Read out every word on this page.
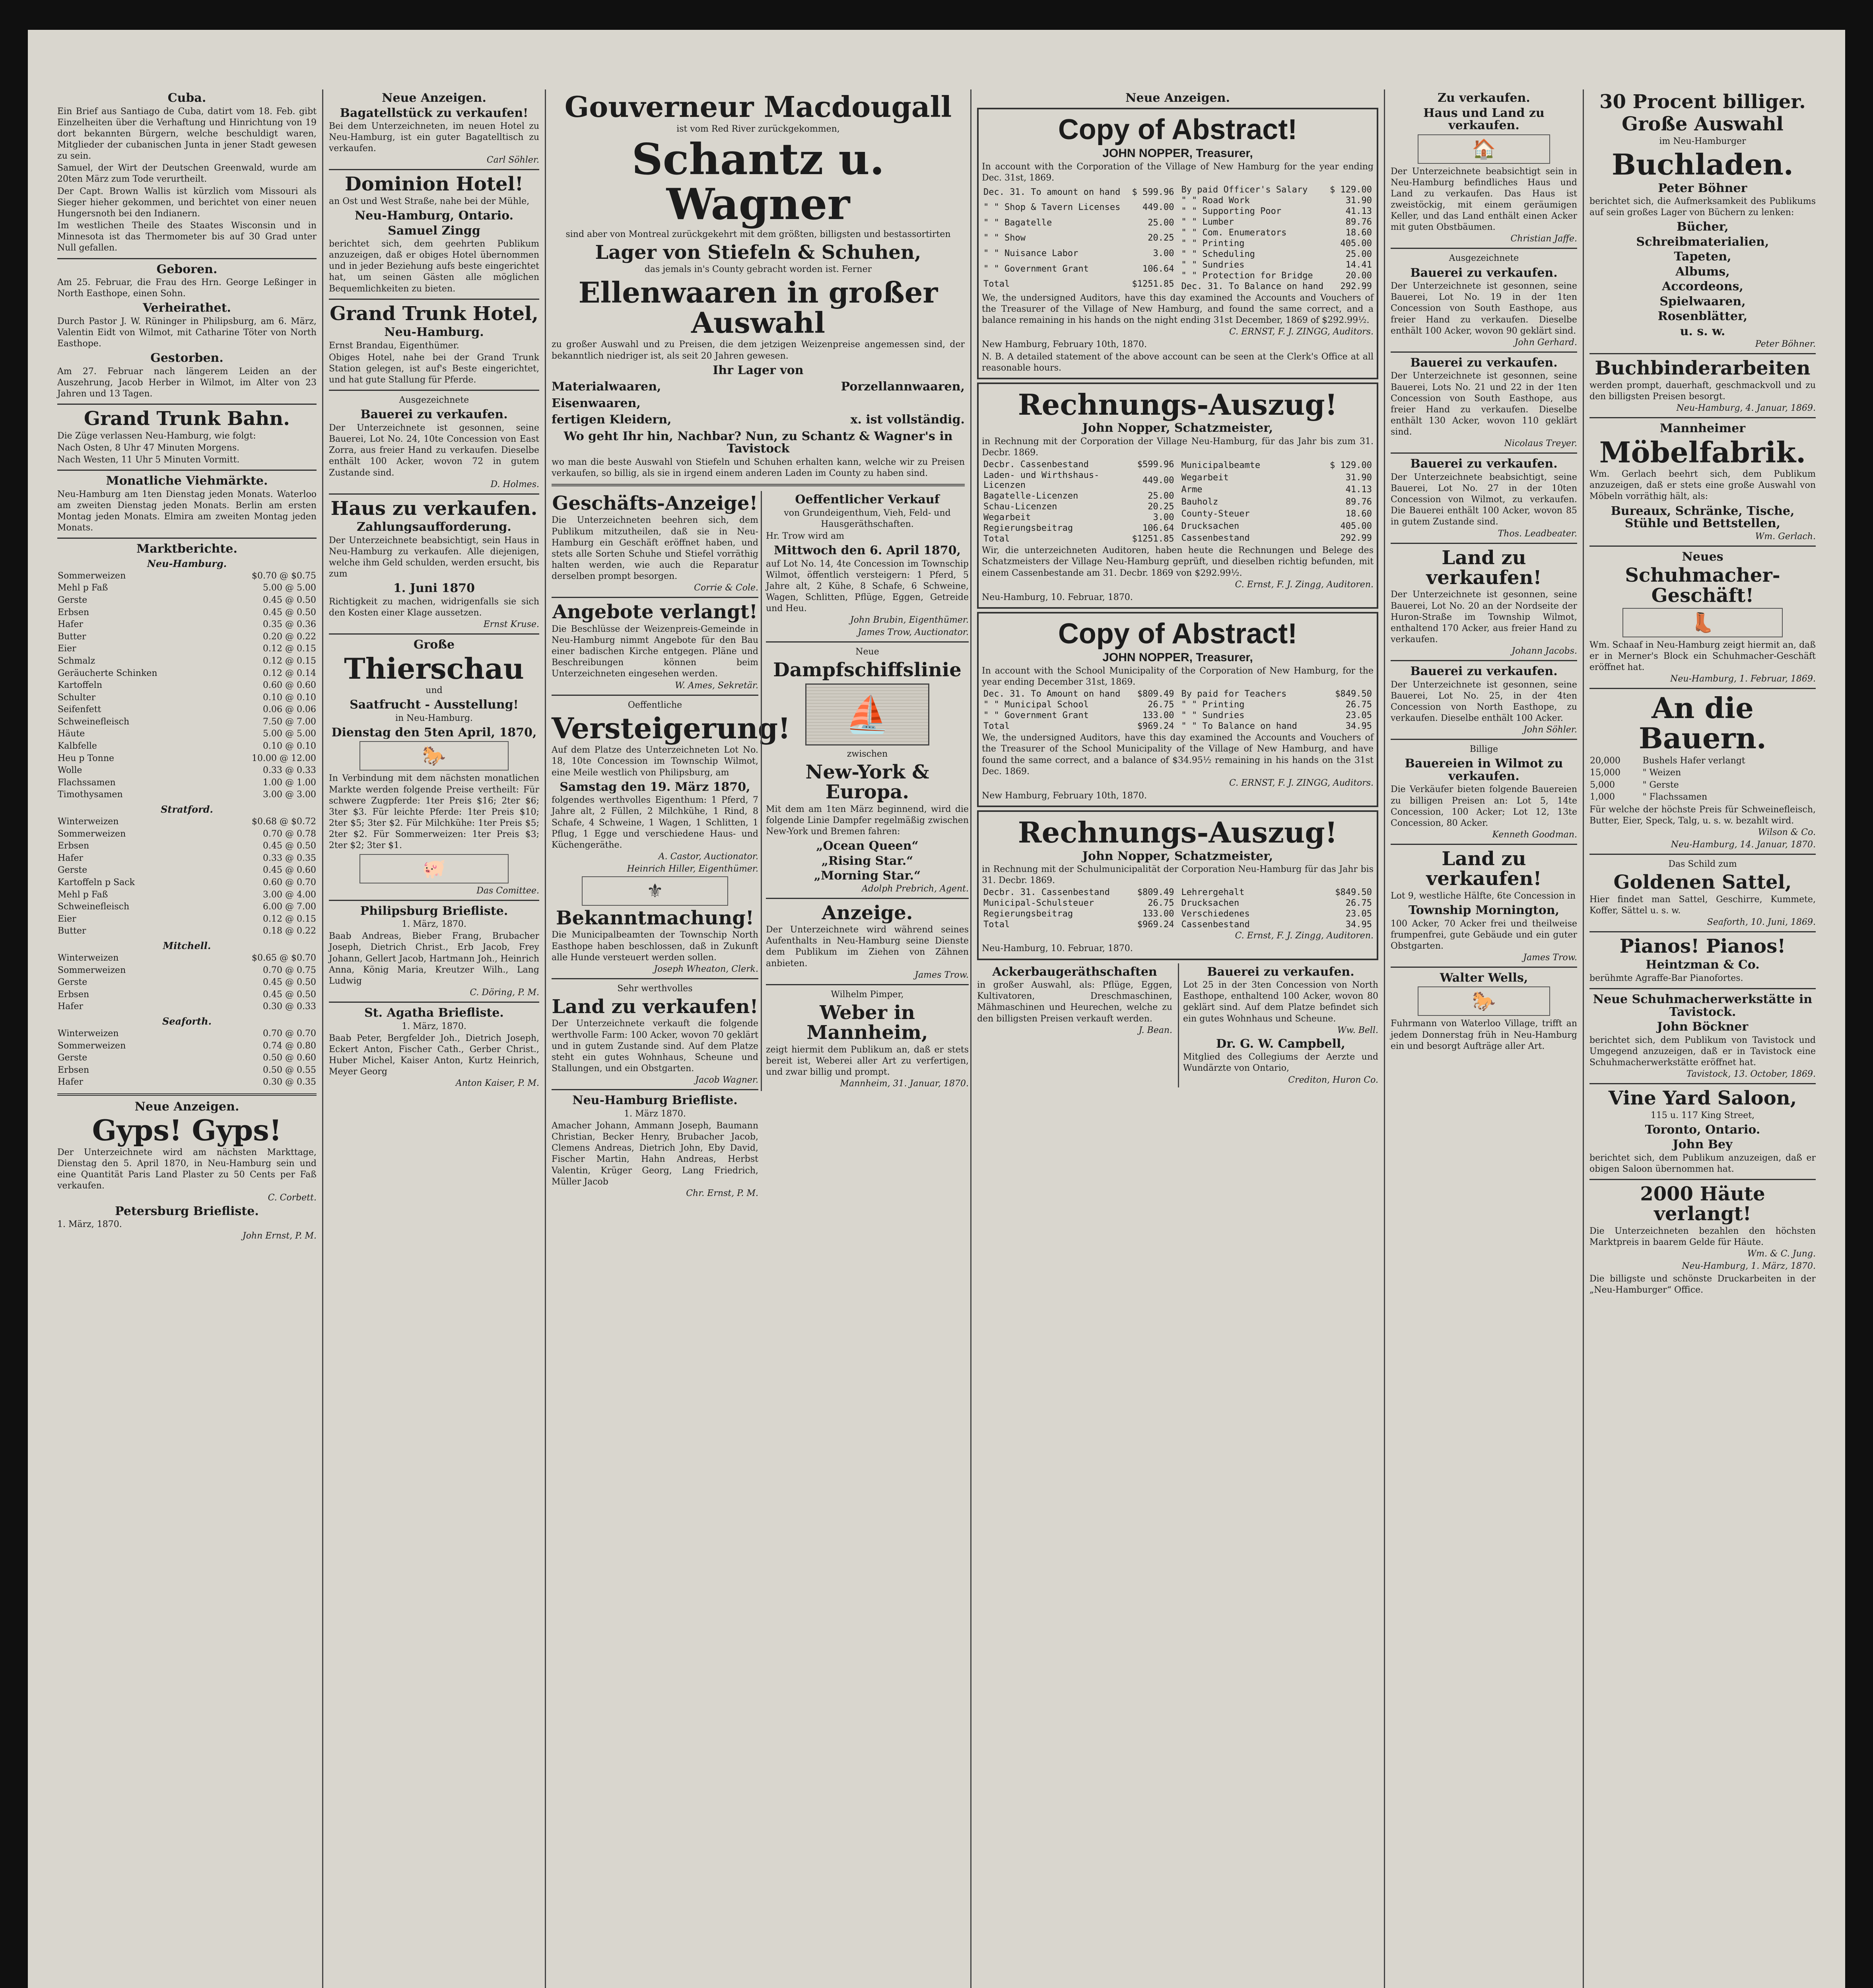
Cuba.
Ein Brief aus Santiago de Cuba, datirt vom 18. Feb. gibt Einzelheiten über die Verhaftung und Hinrichtung von 19 dort bekannten Bürgern, welche beschuldigt waren, Mitglieder der cubanischen Junta in jener Stadt gewesen zu sein.
Samuel, der Wirt der Deutschen Greenwald, wurde am 20ten März zum Tode verurtheilt.
Der Capt. Brown Wallis ist kürzlich vom Missouri als Sieger hieher gekommen, und berichtet von einer neuen Hungersnoth bei den Indianern.
Im westlichen Theile des Staates Wisconsin und in Minnesota ist das Thermometer bis auf 30 Grad unter Null gefallen.
Geboren.
Am 25. Februar, die Frau des Hrn. George Leßinger in North Easthope, einen Sohn.
Verheirathet.
Durch Pastor J. W. Rüninger in Philipsburg, am 6. März, Valentin Eidt von Wilmot, mit Catharine Töter von North Easthope.
Gestorben.
Am 27. Februar nach längerem Leiden an der Auszehrung, Jacob Herber in Wilmot, im Alter von 23 Jahren und 13 Tagen.
Grand Trunk Bahn.
Die Züge verlassen Neu-Hamburg, wie folgt:
Nach Osten, 8 Uhr 47 Minuten Morgens.
Nach Westen, 11 Uhr 5 Minuten Vormitt.
Monatliche Viehmärkte.
Neu-Hamburg am 1ten Dienstag jeden Monats. Waterloo am zweiten Dienstag jeden Monats. Berlin am ersten Montag jeden Monats. Elmira am zweiten Montag jeden Monats.
Marktberichte.
Neu-Hamburg.
Sommerweizen	$0.70 @ $0.75
Mehl p Faß	5.00 @ 5.00
Gerste	0.45 @ 0.50
Erbsen	0.45 @ 0.50
Hafer	0.35 @ 0.36
Butter	0.20 @ 0.22
Eier	0.12 @ 0.15
Schmalz	0.12 @ 0.15
Geräucherte Schinken	0.12 @ 0.14
Kartoffeln	0.60 @ 0.60
Schulter	0.10 @ 0.10
Seifenfett	0.06 @ 0.06
Schweinefleisch	7.50 @ 7.00
Häute	5.00 @ 5.00
Kalbfelle	0.10 @ 0.10
Heu p Tonne	10.00 @ 12.00
Wolle	0.33 @ 0.33
Flachssamen	1.00 @ 1.00
Timothysamen	3.00 @ 3.00
Stratford.
Winterweizen	$0.68 @ $0.72
Sommerweizen	0.70 @ 0.78
Erbsen	0.45 @ 0.50
Hafer	0.33 @ 0.35
Gerste	0.45 @ 0.60
Kartoffeln p Sack	0.60 @ 0.70
Mehl p Faß	3.00 @ 4.00
Schweinefleisch	6.00 @ 7.00
Eier	0.12 @ 0.15
Butter	0.18 @ 0.22
Mitchell.
Winterweizen	$0.65 @ $0.70
Sommerweizen	0.70 @ 0.75
Gerste	0.45 @ 0.50
Erbsen	0.45 @ 0.50
Hafer	0.30 @ 0.33
Seaforth.
Winterweizen	0.70 @ 0.70
Sommerweizen	0.74 @ 0.80
Gerste	0.50 @ 0.60
Erbsen	0.50 @ 0.55
Hafer	0.30 @ 0.35
Neue Anzeigen.
Gyps! Gyps!
Der Unterzeichnete wird am nächsten Markttage, Dienstag den 5. April 1870, in Neu-Hamburg sein und eine Quantität Paris Land Plaster zu 50 Cents per Faß verkaufen.
C. Corbett.
Petersburg Briefliste.
1. März, 1870.
John Ernst, P. M.
Neue Anzeigen.
Bagatellstück zu verkaufen!
Bei dem Unterzeichneten, im neuen Hotel zu Neu-Hamburg, ist ein guter Bagatelltisch zu verkaufen.
Carl Söhler.
Dominion Hotel!
an Ost und West Straße, nahe bei der Mühle,
Neu-Hamburg, Ontario.
Samuel Zingg
berichtet sich, dem geehrten Publikum anzuzeigen, daß er obiges Hotel übernommen und in jeder Beziehung aufs beste eingerichtet hat, um seinen Gästen alle möglichen Bequemlichkeiten zu bieten.
Grand Trunk Hotel,
Neu-Hamburg.
Ernst Brandau, Eigenthümer.
Obiges Hotel, nahe bei der Grand Trunk Station gelegen, ist auf's Beste eingerichtet, und hat gute Stallung für Pferde.
Ausgezeichnete
Bauerei zu verkaufen.
Der Unterzeichnete ist gesonnen, seine Bauerei, Lot No. 24, 10te Concession von East Zorra, aus freier Hand zu verkaufen. Dieselbe enthält 100 Acker, wovon 72 in gutem Zustande sind.
D. Holmes.
Haus zu verkaufen.
Zahlungsaufforderung.
Der Unterzeichnete beabsichtigt, sein Haus in Neu-Hamburg zu verkaufen. Alle diejenigen, welche ihm Geld schulden, werden ersucht, bis zum
1. Juni 1870
Richtigkeit zu machen, widrigenfalls sie sich den Kosten einer Klage aussetzen.
Ernst Kruse.
Große
Thierschau
und
Saatfrucht - Ausstellung!
in Neu-Hamburg.
Dienstag den 5ten April, 1870,
🐎
In Verbindung mit dem nächsten monatlichen Markte werden folgende Preise vertheilt: Für schwere Zugpferde: 1ter Preis $16; 2ter $6; 3ter $3. Für leichte Pferde: 1ter Preis $10; 2ter $5; 3ter $2. Für Milchkühe: 1ter Preis $5; 2ter $2. Für Sommerweizen: 1ter Preis $3; 2ter $2; 3ter $1.
🐖
Das Comittee.
Philipsburg Briefliste.
1. März, 1870.
Baab Andreas, Bieber Frang, Brubacher Joseph, Dietrich Christ., Erb Jacob, Frey Johann, Gellert Jacob, Hartmann Joh., Heinrich Anna, König Maria, Kreutzer Wilh., Lang Ludwig
C. Döring, P. M.
St. Agatha Briefliste.
1. März, 1870.
Baab Peter, Bergfelder Joh., Dietrich Joseph, Eckert Anton, Fischer Cath., Gerber Christ., Huber Michel, Kaiser Anton, Kurtz Heinrich, Meyer Georg
Anton Kaiser, P. M.
Gouverneur Macdougall
ist vom Red River zurückgekommen,
Schantz u. Wagner
sind aber von Montreal zurückgekehrt mit dem größten, billigsten und bestassortirten
Lager von Stiefeln & Schuhen,
das jemals in's County gebracht worden ist. Ferner
Ellenwaaren in großer Auswahl
zu großer Auswahl und zu Preisen, die dem jetzigen Weizenpreise angemessen sind, der bekanntlich niedriger ist, als seit 20 Jahren gewesen.
Ihr Lager von
Materialwaaren,	Porzellannwaaren,
Eisenwaaren,
fertigen Kleidern,	x. ist vollständig.
Wo geht Ihr hin, Nachbar? Nun, zu Schantz & Wagner's in Tavistock
wo man die beste Auswahl von Stiefeln und Schuhen erhalten kann, welche wir zu Preisen verkaufen, so billig, als sie in irgend einem anderen Laden im County zu haben sind.
Geschäfts-Anzeige!
Die Unterzeichneten beehren sich, dem Publikum mitzutheilen, daß sie in Neu-Hamburg ein Geschäft eröffnet haben, und stets alle Sorten Schuhe und Stiefel vorräthig halten werden, wie auch die Reparatur derselben prompt besorgen.
Corrie & Cole.
Angebote verlangt!
Die Beschlüsse der Weizenpreis-Gemeinde in Neu-Hamburg nimmt Angebote für den Bau einer badischen Kirche entgegen. Pläne und Beschreibungen können beim Unterzeichneten eingesehen werden.
W. Ames, Sekretär.
Oeffentliche
Versteigerung!
Auf dem Platze des Unterzeichneten Lot No. 18, 10te Concession im Townschip Wilmot, eine Meile westlich von Philipsburg, am
Samstag den 19. März 1870,
folgendes werthvolles Eigenthum: 1 Pferd, 7 Jahre alt, 2 Füllen, 2 Milchkühe, 1 Rind, 8 Schafe, 4 Schweine, 1 Wagen, 1 Schlitten, 1 Pflug, 1 Egge und verschiedene Haus- und Küchengeräthe.
A. Castor, Auctionator.
Heinrich Hiller, Eigenthümer.
⚜
Bekanntmachung!
Die Municipalbeamten der Townschip North Easthope haben beschlossen, daß in Zukunft alle Hunde versteuert werden sollen.
Joseph Wheaton, Clerk.
Sehr werthvolles
Land zu verkaufen!
Der Unterzeichnete verkauft die folgende werthvolle Farm: 100 Acker, wovon 70 geklärt und in gutem Zustande sind. Auf dem Platze steht ein gutes Wohnhaus, Scheune und Stallungen, und ein Obstgarten.
Jacob Wagner.
Neu-Hamburg Briefliste.
1. März 1870.
Amacher Johann, Ammann Joseph, Baumann Christian, Becker Henry, Brubacher Jacob, Clemens Andreas, Dietrich John, Eby David, Fischer Martin, Hahn Andreas, Herbst Valentin, Krüger Georg, Lang Friedrich, Müller Jacob
Chr. Ernst, P. M.
Oeffentlicher Verkauf
von Grundeigenthum, Vieh, Feld- und Hausgeräthschaften.
Hr. Trow wird am
Mittwoch den 6. April 1870,
auf Lot No. 14, 4te Concession im Townschip Wilmot, öffentlich versteigern: 1 Pferd, 5 Jahre alt, 2 Kühe, 8 Schafe, 6 Schweine, Wagen, Schlitten, Pflüge, Eggen, Getreide und Heu.
John Brubin, Eigenthümer.
James Trow, Auctionator.
Neue
Dampfschiffslinie
⛵
zwischen
New-York & Europa.
Mit dem am 1ten März beginnend, wird die folgende Linie Dampfer regelmäßig zwischen New-York und Bremen fahren:
„Ocean Queen“
„Rising Star.“
„Morning Star.“
Adolph Prebrich, Agent.
Anzeige.
Der Unterzeichnete wird während seines Aufenthalts in Neu-Hamburg seine Dienste dem Publikum im Ziehen von Zähnen anbieten.
James Trow.
Wilhelm Pimper,
Weber in Mannheim,
zeigt hiermit dem Publikum an, daß er stets bereit ist, Weberei aller Art zu verfertigen, und zwar billig und prompt.
Mannheim, 31. Januar, 1870.
Neue Anzeigen.
Copy of Abstract!
JOHN NOPPER, Treasurer,
In account with the Corporation of the Village of New Hamburg for the year ending Dec. 31st, 1869.
Dec. 31. To amount on hand	$ 599.96
" " Shop & Tavern Licenses	449.00
" " Bagatelle	25.00
" " Show	20.25
" " Nuisance Labor	3.00
" " Government Grant	106.64
Total	$1251.85
By paid Officer's Salary	$ 129.00
" " Road Work	31.90
" " Supporting Poor	41.13
" " Lumber	89.76
" " Com. Enumerators	18.60
" " Printing	405.00
" " Scheduling	25.00
" " Sundries	14.41
" " Protection for Bridge	20.00
Dec. 31. To Balance on hand	292.99
We, the undersigned Auditors, have this day examined the Accounts and Vouchers of the Treasurer of the Village of New Hamburg, and found the same correct, and a balance remaining in his hands on the night ending 31st December, 1869 of $292.99½.
C. ERNST, F. J. ZINGG, Auditors.
New Hamburg, February 10th, 1870.
N. B. A detailed statement of the above account can be seen at the Clerk's Office at all reasonable hours.
Rechnungs-Auszug!
John Nopper, Schatzmeister,
in Rechnung mit der Corporation der Village Neu-Hamburg, für das Jahr bis zum 31. Decbr. 1869.
Decbr. Cassenbestand	$599.96
Laden- und Wirthshaus-Licenzen	449.00
Bagatelle-Licenzen	25.00
Schau-Licenzen	20.25
Wegarbeit	3.00
Regierungsbeitrag	106.64
Total	$1251.85
Municipalbeamte	$ 129.00
Wegarbeit	31.90
Arme	41.13
Bauholz	89.76
County-Steuer	18.60
Drucksachen	405.00
Cassenbestand	292.99
Wir, die unterzeichneten Auditoren, haben heute die Rechnungen und Belege des Schatzmeisters der Village Neu-Hamburg geprüft, und dieselben richtig befunden, mit einem Cassenbestande am 31. Decbr. 1869 von $292.99½.
C. Ernst, F. J. Zingg, Auditoren.
Neu-Hamburg, 10. Februar, 1870.
Copy of Abstract!
JOHN NOPPER, Treasurer,
In account with the School Municipality of the Corporation of New Hamburg, for the year ending December 31st, 1869.
Dec. 31. To Amount on hand	$809.49
" " Municipal School	26.75
" " Government Grant	133.00
Total	$969.24
By paid for Teachers	$849.50
" " Printing	26.75
" " Sundries	23.05
" " To Balance on hand	34.95
We, the undersigned Auditors, have this day examined the Accounts and Vouchers of the Treasurer of the School Municipality of the Village of New Hamburg, and have found the same correct, and a balance of $34.95½ remaining in his hands on the 31st Dec. 1869.
C. ERNST, F. J. ZINGG, Auditors.
New Hamburg, February 10th, 1870.
Rechnungs-Auszug!
John Nopper, Schatzmeister,
in Rechnung mit der Schulmunicipalität der Corporation Neu-Hamburg für das Jahr bis 31. Decbr. 1869.
Decbr. 31. Cassenbestand	$809.49
Municipal-Schulsteuer	26.75
Regierungsbeitrag	133.00
Total	$969.24
Lehrergehalt	$849.50
Drucksachen	26.75
Verschiedenes	23.05
Cassenbestand	34.95
C. Ernst, F. J. Zingg, Auditoren.
Neu-Hamburg, 10. Februar, 1870.
Ackerbaugeräthschaften
in großer Auswahl, als: Pflüge, Eggen, Kultivatoren, Dreschmaschinen, Mähmaschinen und Heurechen, welche zu den billigsten Preisen verkauft werden.
J. Bean.
Bauerei zu verkaufen.
Lot 25 in der 3ten Concession von North Easthope, enthaltend 100 Acker, wovon 80 geklärt sind. Auf dem Platze befindet sich ein gutes Wohnhaus und Scheune.
Ww. Bell.
Dr. G. W. Campbell,
Mitglied des Collegiums der Aerzte und Wundärzte von Ontario,
Crediton, Huron Co.
Zu verkaufen.
Haus und Land zu verkaufen.
🏠
Der Unterzeichnete beabsichtigt sein in Neu-Hamburg befindliches Haus und Land zu verkaufen. Das Haus ist zweistöckig, mit einem geräumigen Keller, und das Land enthält einen Acker mit guten Obstbäumen.
Christian Jaffe.
Ausgezeichnete
Bauerei zu verkaufen.
Der Unterzeichnete ist gesonnen, seine Bauerei, Lot No. 19 in der 1ten Concession von South Easthope, aus freier Hand zu verkaufen. Dieselbe enthält 100 Acker, wovon 90 geklärt sind.
John Gerhard.
Bauerei zu verkaufen.
Der Unterzeichnete ist gesonnen, seine Bauerei, Lots No. 21 und 22 in der 1ten Concession von South Easthope, aus freier Hand zu verkaufen. Dieselbe enthält 130 Acker, wovon 110 geklärt sind.
Nicolaus Treyer.
Bauerei zu verkaufen.
Der Unterzeichnete beabsichtigt, seine Bauerei, Lot No. 27 in der 10ten Concession von Wilmot, zu verkaufen. Die Bauerei enthält 100 Acker, wovon 85 in gutem Zustande sind.
Thos. Leadbeater.
Land zu verkaufen!
Der Unterzeichnete ist gesonnen, seine Bauerei, Lot No. 20 an der Nordseite der Huron-Straße im Township Wilmot, enthaltend 170 Acker, aus freier Hand zu verkaufen.
Johann Jacobs.
Bauerei zu verkaufen.
Der Unterzeichnete ist gesonnen, seine Bauerei, Lot No. 25, in der 4ten Concession von North Easthope, zu verkaufen. Dieselbe enthält 100 Acker.
John Söhler.
Billige
Bauereien in Wilmot zu verkaufen.
Die Verkäufer bieten folgende Bauereien zu billigen Preisen an: Lot 5, 14te Concession, 100 Acker; Lot 12, 13te Concession, 80 Acker.
Kenneth Goodman.
Land zu verkaufen!
Lot 9, westliche Hälfte, 6te Concession in
Township Mornington,
100 Acker, 70 Acker frei und theilweise frumpenfrei, gute Gebäude und ein guter Obstgarten.
James Trow.
Walter Wells,
🐎
Fuhrmann von Waterloo Village, trifft an jedem Donnerstag früh in Neu-Hamburg ein und besorgt Aufträge aller Art.
30 Procent billiger.
Große Auswahl
im Neu-Hamburger
Buchladen.
Peter Böhner
berichtet sich, die Aufmerksamkeit des Publikums auf sein großes Lager von Büchern zu lenken:
Bücher,
Schreibmaterialien,
Tapeten,
Albums,
Accordeons,
Spielwaaren,
Rosenblätter,
u. s. w.
Peter Böhner.
Buchbinderarbeiten
werden prompt, dauerhaft, geschmackvoll und zu den billigsten Preisen besorgt.
Neu-Hamburg, 4. Januar, 1869.
Mannheimer
Möbelfabrik.
Wm. Gerlach beehrt sich, dem Publikum anzuzeigen, daß er stets eine große Auswahl von Möbeln vorräthig hält, als:
Bureaux, Schränke, Tische, Stühle und Bettstellen,
Wm. Gerlach.
Neues
Schuhmacher-Geschäft!
👢
Wm. Schaaf in Neu-Hamburg zeigt hiermit an, daß er in Merner's Block ein Schuhmacher-Geschäft eröffnet hat.
Neu-Hamburg, 1. Februar, 1869.
An die Bauern.
20,000	Bushels Hafer verlangt
15,000	" Weizen
5,000	" Gerste
1,000	" Flachssamen
Für welche der höchste Preis für Schweinefleisch, Butter, Eier, Speck, Talg, u. s. w. bezahlt wird.
Wilson & Co.
Neu-Hamburg, 14. Januar, 1870.
Das Schild zum
Goldenen Sattel,
Hier findet man Sattel, Geschirre, Kummete, Koffer, Sättel u. s. w.
Seaforth, 10. Juni, 1869.
Pianos! Pianos!
Heintzman & Co.
berühmte Agraffe-Bar Pianofortes.
Neue Schuhmacherwerkstätte in Tavistock.
John Böckner
berichtet sich, dem Publikum von Tavistock und Umgegend anzuzeigen, daß er in Tavistock eine Schuhmacherwerkstätte eröffnet hat.
Tavistock, 13. October, 1869.
Vine Yard Saloon,
115 u. 117 King Street,
Toronto, Ontario.
John Bey
berichtet sich, dem Publikum anzuzeigen, daß er obigen Saloon übernommen hat.
2000 Häute verlangt!
Die Unterzeichneten bezahlen den höchsten Marktpreis in baarem Gelde für Häute.
Wm. & C. Jung.
Neu-Hamburg, 1. März, 1870.
Die billigste und schönste Druckarbeiten in der „Neu-Hamburger“ Office.
